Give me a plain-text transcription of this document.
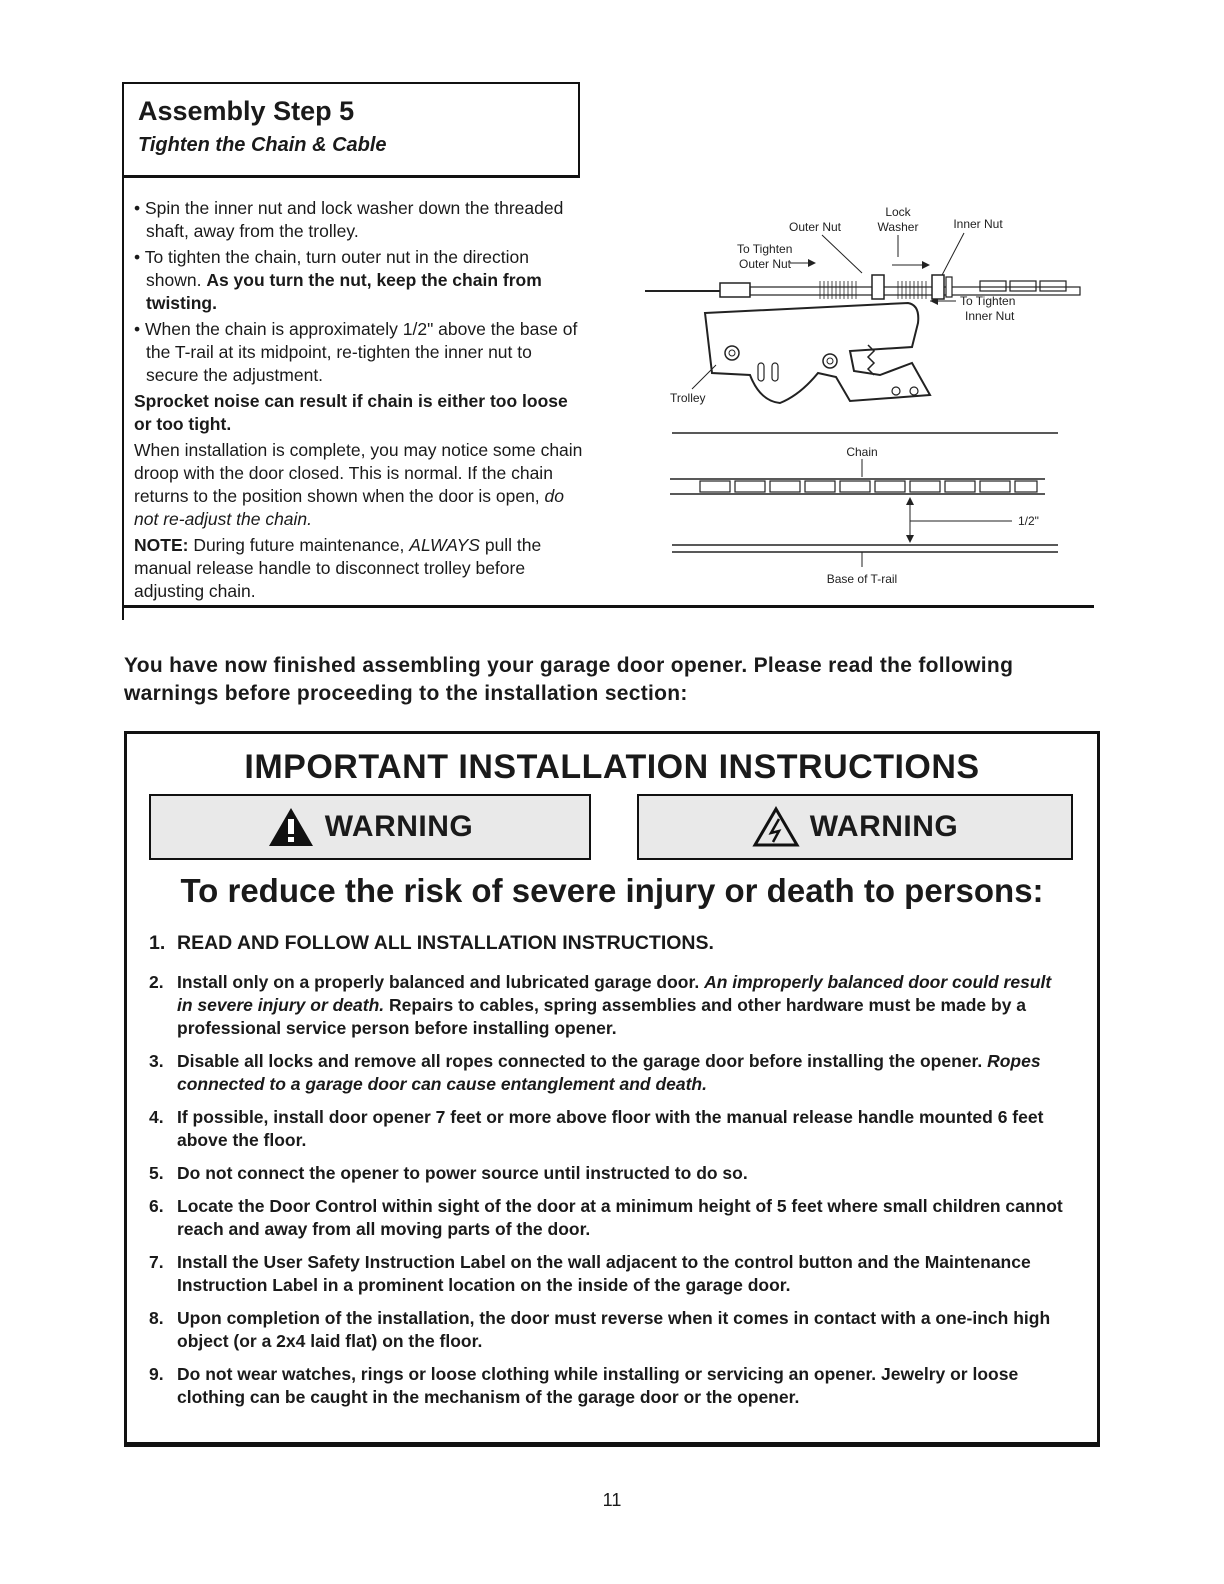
Assembly Step 5
Tighten the Chain & Cable

• Spin the inner nut and lock washer down the threaded shaft, away from the trolley.

• To tighten the chain, turn outer nut in the direction shown. As you turn the nut, keep the chain from twisting.

• When the chain is approximately 1/2" above the base of the T-rail at its midpoint, re-tighten the inner nut to secure the adjustment.

Sprocket noise can result if chain is either too loose or too tight.

When installation is complete, you may notice some chain droop with the door closed. This is normal. If the chain returns to the position shown when the door is open, do not re-adjust the chain.

NOTE: During future maintenance, ALWAYS pull the manual release handle to disconnect trolley before adjusting chain.

Lock
Washer
Outer Nut	Inner Nut
To Tighten
Outer Nut
To Tighten
Inner Nut
Trolley
Chain
1/2"
Base of T-rail
You have now finished assembling your garage door opener. Please read the following warnings before proceeding to the installation section:
IMPORTANT INSTALLATION INSTRUCTIONS
WARNING	WARNING
To reduce the risk of severe injury or death to persons:
1. READ AND FOLLOW ALL INSTALLATION INSTRUCTIONS.
2. Install only on a properly balanced and lubricated garage door. An improperly balanced door could result in severe injury or death. Repairs to cables, spring assemblies and other hardware must be made by a professional service person before installing opener.
3. Disable all locks and remove all ropes connected to the garage door before installing the opener. Ropes connected to a garage door can cause entanglement and death.
4. If possible, install door opener 7 feet or more above floor with the manual release handle mounted 6 feet above the floor.
5. Do not connect the opener to power source until instructed to do so.
6. Locate the Door Control within sight of the door at a minimum height of 5 feet where small children cannot reach and away from all moving parts of the door.
7. Install the User Safety Instruction Label on the wall adjacent to the control button and the Maintenance Instruction Label in a prominent location on the inside of the garage door.
8. Upon completion of the installation, the door must reverse when it comes in contact with a one-inch high object (or a 2x4 laid flat) on the floor.
9. Do not wear watches, rings or loose clothing while installing or servicing an opener. Jewelry or loose clothing can be caught in the mechanism of the garage door or the opener.
11
